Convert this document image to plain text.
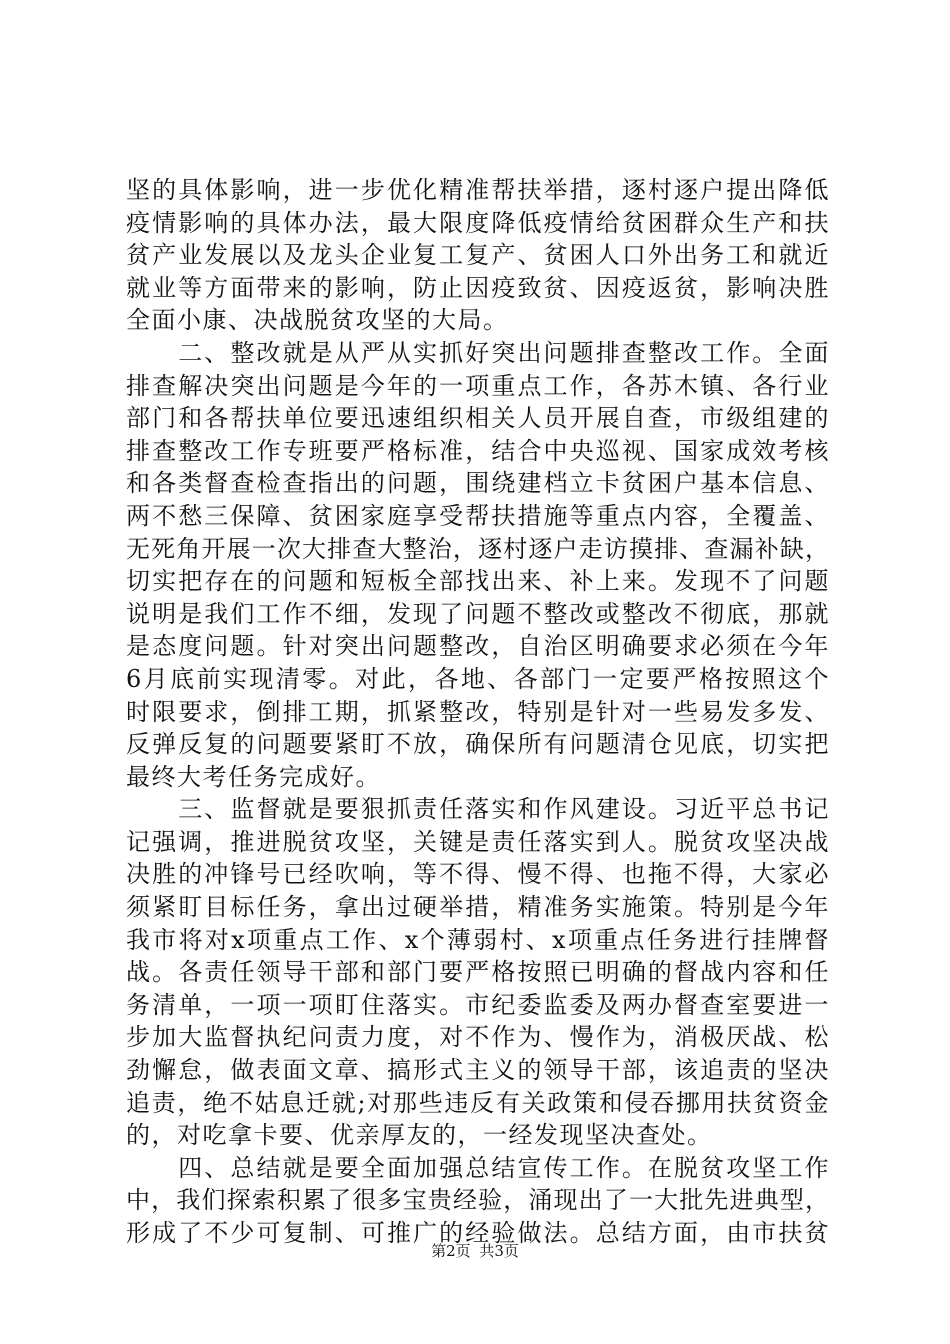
坚的具体影响，进一步优化精准帮扶举措，逐村逐户提出降低
疫情影响的具体办法，最大限度降低疫情给贫困群众生产和扶
贫产业发展以及龙头企业复工复产、贫困人口外出务工和就近
就业等方面带来的影响，防止因疫致贫、因疫返贫，影响决胜
全面小康、决战脱贫攻坚的大局。
　　二、整改就是从严从实抓好突出问题排查整改工作。全面
排查解决突出问题是今年的一项重点工作，各苏木镇、各行业
部门和各帮扶单位要迅速组织相关人员开展自查，市级组建的
排查整改工作专班要严格标准，结合中央巡视、国家成效考核
和各类督查检查指出的问题，围绕建档立卡贫困户基本信息、
两不愁三保障、贫困家庭享受帮扶措施等重点内容，全覆盖、
无死角开展一次大排查大整治，逐村逐户走访摸排、查漏补缺，
切实把存在的问题和短板全部找出来、补上来。发现不了问题
说明是我们工作不细，发现了问题不整改或整改不彻底，那就
是态度问题。针对突出问题整改，自治区明确要求必须在今年
6月底前实现清零。对此，各地、各部门一定要严格按照这个
时限要求，倒排工期，抓紧整改，特别是针对一些易发多发、
反弹反复的问题要紧盯不放，确保所有问题清仓见底，切实把
最终大考任务完成好。
　　三、监督就是要狠抓责任落实和作风建设。习近平总书记
记强调，推进脱贫攻坚，关键是责任落实到人。脱贫攻坚决战
决胜的冲锋号已经吹响，等不得、慢不得、也拖不得，大家必
须紧盯目标任务，拿出过硬举措，精准务实施策。特别是今年
我市将对x项重点工作、x个薄弱村、x项重点任务进行挂牌督
战。各责任领导干部和部门要严格按照已明确的督战内容和任
务清单，一项一项盯住落实。市纪委监委及两办督查室要进一
步加大监督执纪问责力度，对不作为、慢作为，消极厌战、松
劲懈怠，做表面文章、搞形式主义的领导干部，该追责的坚决
追责，绝不姑息迁就;对那些违反有关政策和侵吞挪用扶贫资金
的，对吃拿卡要、优亲厚友的，一经发现坚决查处。
　　四、总结就是要全面加强总结宣传工作。在脱贫攻坚工作
中，我们探索积累了很多宝贵经验，涌现出了一大批先进典型，
形成了不少可复制、可推广的经验做法。总结方面，由市扶贫
第2页 共3页
